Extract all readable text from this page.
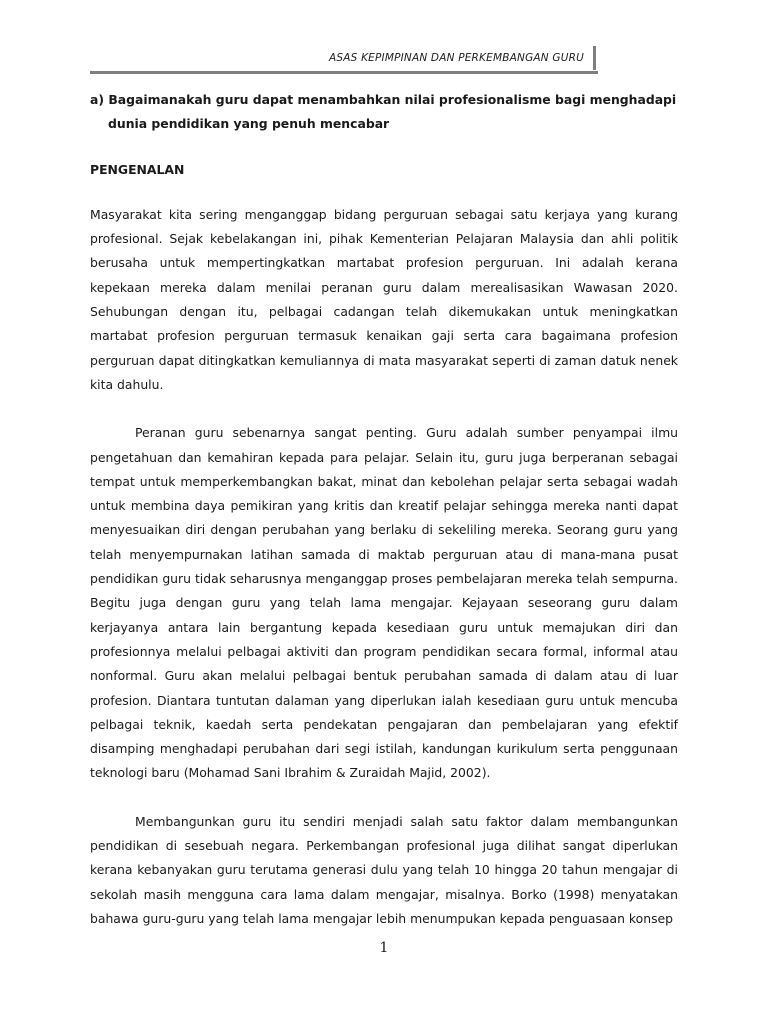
ASAS KEPIMPINAN DAN PERKEMBANGAN GURU

a) Bagaimanakah guru dapat menambahkan nilai profesionalisme bagi menghadapi dunia pendidikan yang penuh mencabar

PENGENALAN

Masyarakat kita sering menganggap bidang perguruan sebagai satu kerjaya yang kurang profesional. Sejak kebelakangan ini, pihak Kementerian Pelajaran Malaysia dan ahli politik berusaha untuk mempertingkatkan martabat profesion perguruan. Ini adalah kerana kepekaan mereka dalam menilai peranan guru dalam merealisasikan Wawasan 2020. Sehubungan dengan itu, pelbagai cadangan telah dikemukakan untuk meningkatkan martabat profesion perguruan termasuk kenaikan gaji serta cara bagaimana profesion perguruan dapat ditingkatkan kemuliannya di mata masyarakat seperti di zaman datuk nenek kita dahulu.

Peranan guru sebenarnya sangat penting. Guru adalah sumber penyampai ilmu pengetahuan dan kemahiran kepada para pelajar. Selain itu, guru juga berperanan sebagai tempat untuk memperkembangkan bakat, minat dan kebolehan pelajar serta sebagai wadah untuk membina daya pemikiran yang kritis dan kreatif pelajar sehingga mereka nanti dapat menyesuaikan diri dengan perubahan yang berlaku di sekeliling mereka. Seorang guru yang telah menyempurnakan latihan samada di maktab perguruan atau di mana-mana pusat pendidikan guru tidak seharusnya menganggap proses pembelajaran mereka telah sempurna. Begitu juga dengan guru yang telah lama mengajar. Kejayaan seseorang guru dalam kerjayanya antara lain bergantung kepada kesediaan guru untuk memajukan diri dan profesionnya melalui pelbagai aktiviti dan program pendidikan secara formal, informal atau nonformal. Guru akan melalui pelbagai bentuk perubahan samada di dalam atau di luar profesion. Diantara tuntutan dalaman yang diperlukan ialah kesediaan guru untuk mencuba pelbagai teknik, kaedah serta pendekatan pengajaran dan pembelajaran yang efektif disamping menghadapi perubahan dari segi istilah, kandungan kurikulum serta penggunaan teknologi baru (Mohamad Sani Ibrahim & Zuraidah Majid, 2002).

Membangunkan guru itu sendiri menjadi salah satu faktor dalam membangunkan pendidikan di sesebuah negara. Perkembangan profesional juga dilihat sangat diperlukan kerana kebanyakan guru terutama generasi dulu yang telah 10 hingga 20 tahun mengajar di sekolah masih mengguna cara lama dalam mengajar, misalnya. Borko (1998) menyatakan bahawa guru-guru yang telah lama mengajar lebih menumpukan kepada penguasaan konsep

1
